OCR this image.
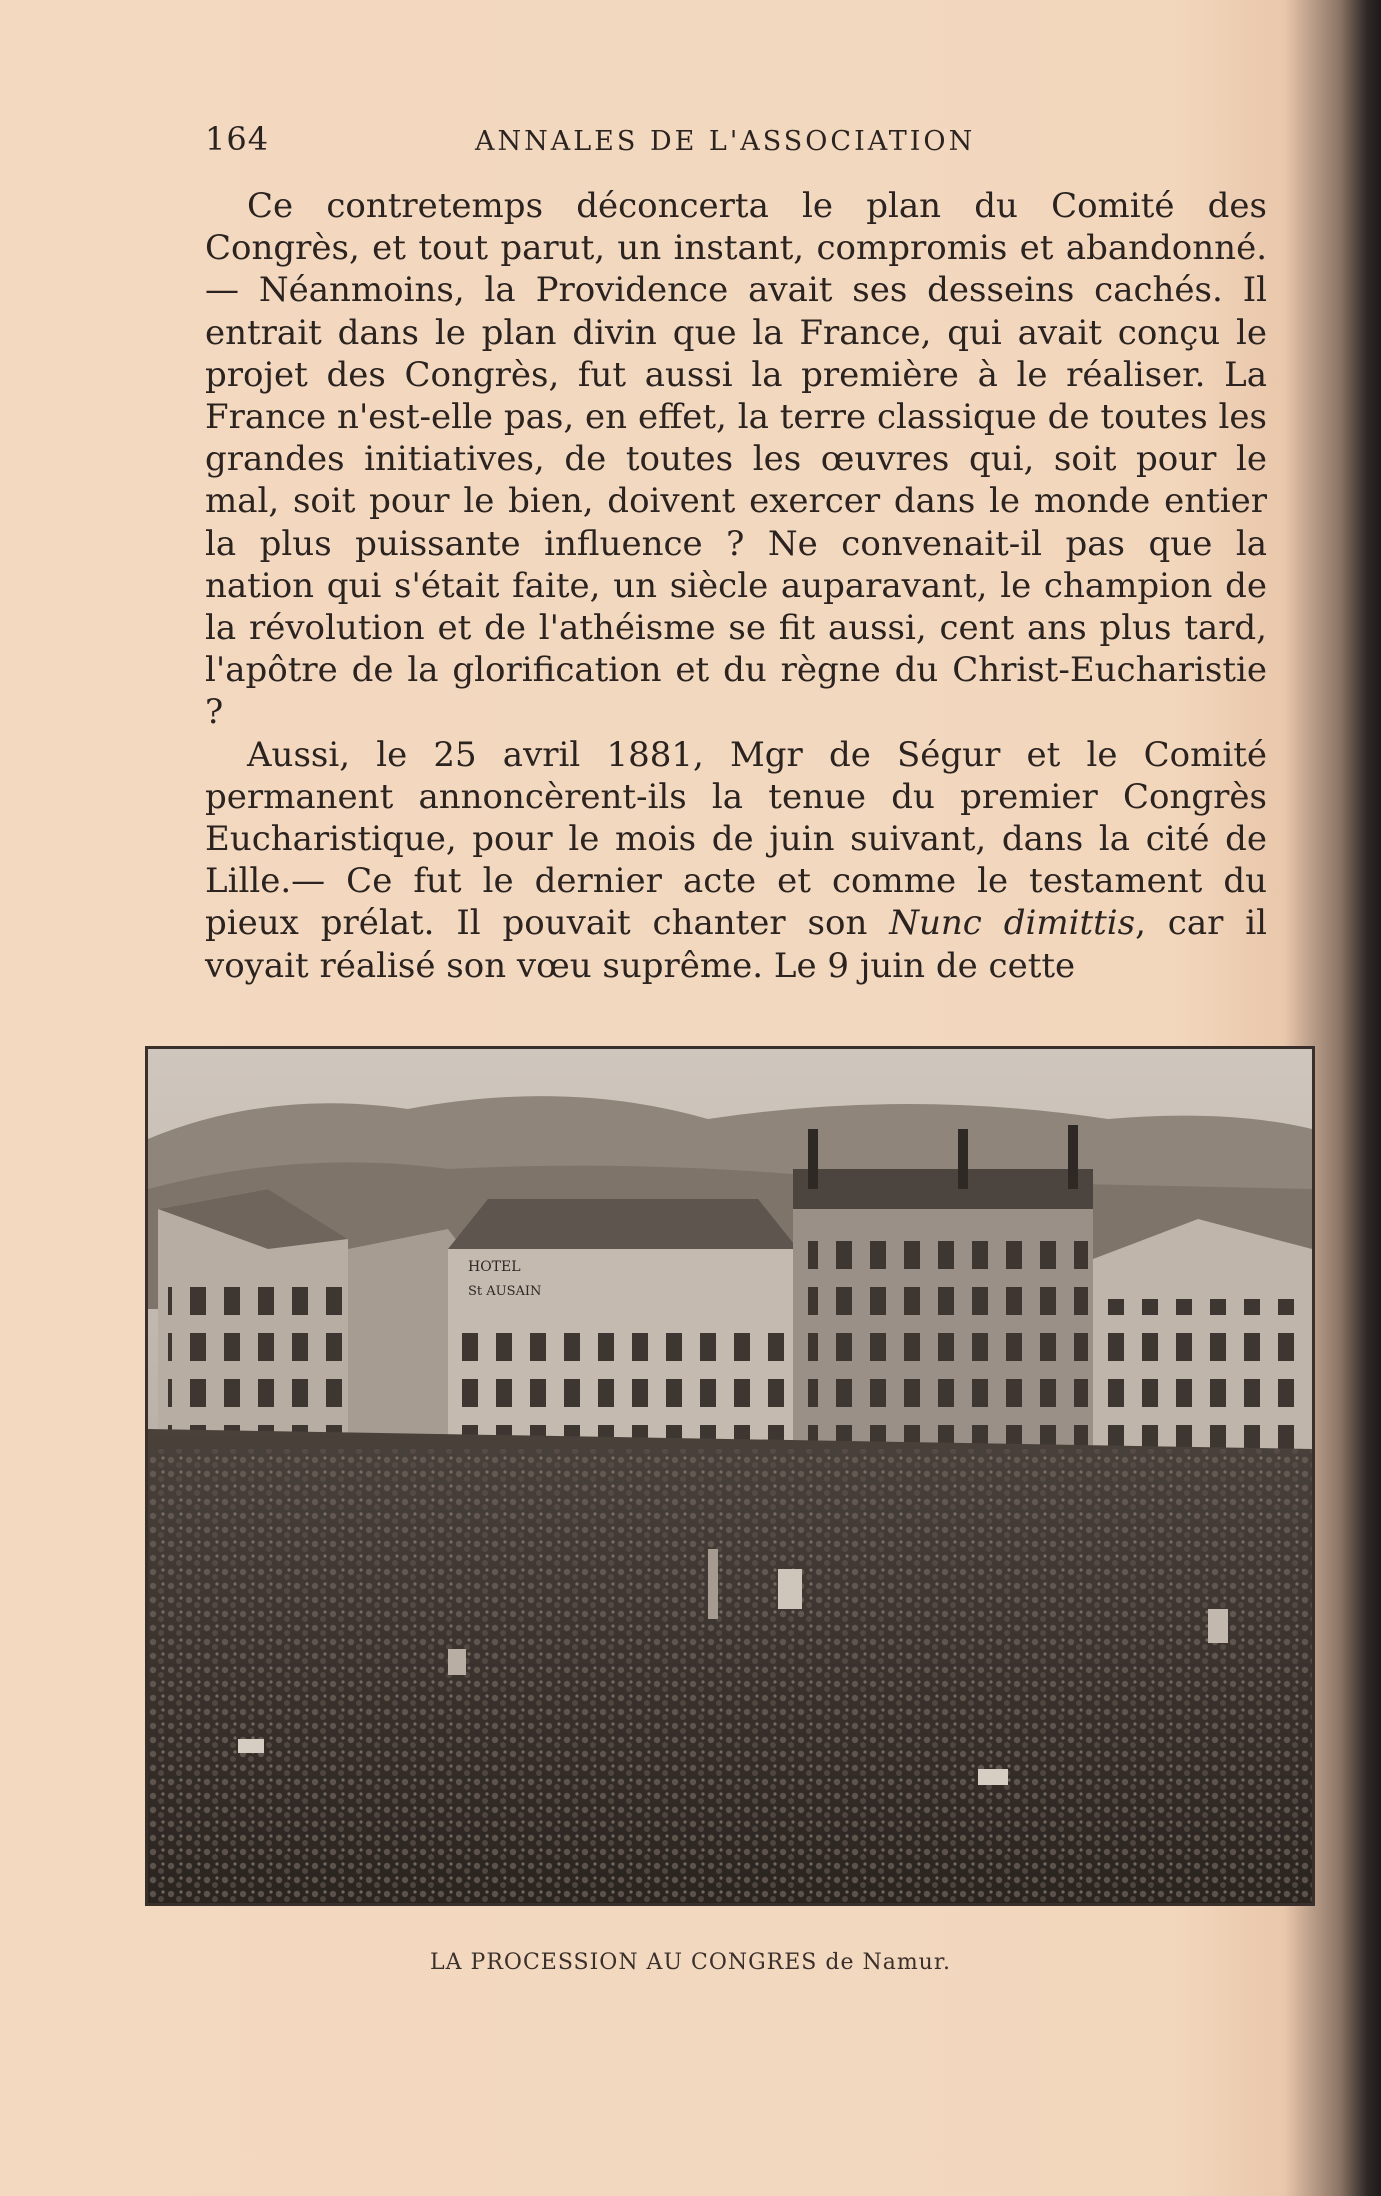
164	ANNALES DE L'ASSOCIATION

Ce contretemps déconcerta le plan du Comité des Congrès, et tout parut, un instant, compromis et abandonné.— Néanmoins, la Providence avait ses desseins cachés. Il entrait dans le plan divin que la France, qui avait conçu le projet des Congrès, fut aussi la première à le réaliser. La France n'est-elle pas, en effet, la terre classique de toutes les grandes initiatives, de toutes les œuvres qui, soit pour le mal, soit pour le bien, doivent exercer dans le monde entier la plus puissante influence ? Ne convenait-il pas que la nation qui s'était faite, un siècle auparavant, le champion de la révolution et de l'athéisme se fit aussi, cent ans plus tard, l'apôtre de la glorification et du règne du Christ-Eucharistie ?

Aussi, le 25 avril 1881, Mgr de Ségur et le Comité permanent annoncèrent-ils la tenue du premier Congrès Eucharistique, pour le mois de juin suivant, dans la cité de Lille.— Ce fut le dernier acte et comme le testament du pieux prélat. Il pouvait chanter son Nunc dimittis, car il voyait réalisé son vœu suprême. Le 9 juin de cette

HOTEL
St AUSAIN
LA PROCESSION AU CONGRES de Namur.
